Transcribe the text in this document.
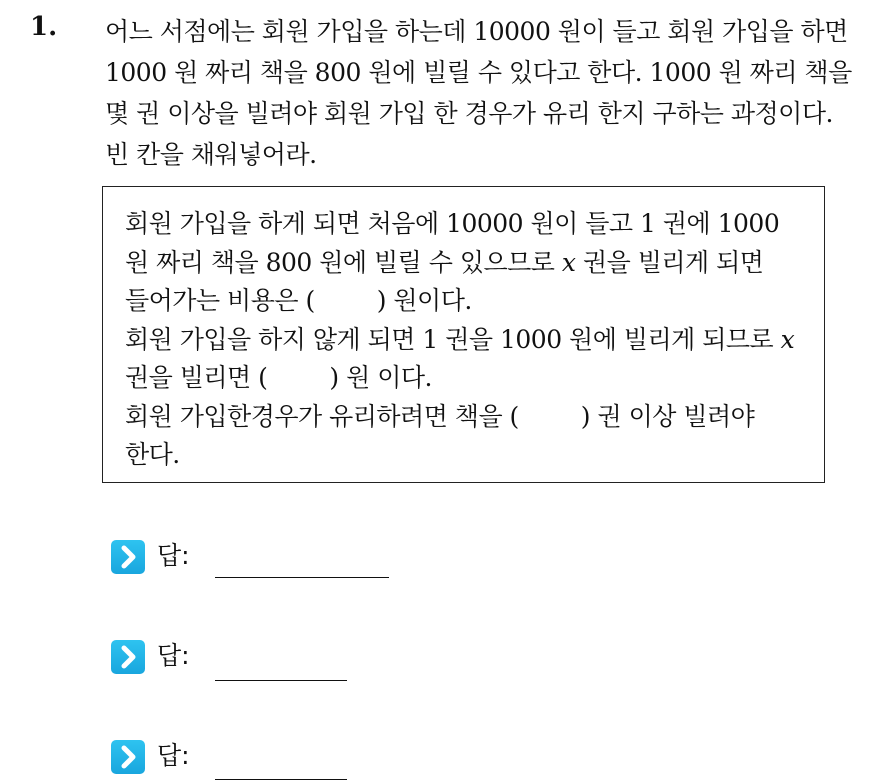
1. 어느 서점에는 회원 가입을 하는데 10000 원이 들고 회원 가입을 하면
1000 원 짜리 책을 800 원에 빌릴 수 있다고 한다. 1000 원 짜리 책을
몇 권 이상을 빌려야 회원 가입 한 경우가 유리 한지 구하는 과정이다.
빈 칸을 채워넣어라.
회원 가입을 하게 되면 처음에 10000 원이 들고 1 권에 1000
원 짜리 책을 800 원에 빌릴 수 있으므로 x 권을 빌리게 되면
들어가는 비용은 ( ) 원이다.
회원 가입을 하지 않게 되면 1 권을 1000 원에 빌리게 되므로 x
권을 빌리면 ( ) 원 이다.
회원 가입한경우가 유리하려면 책을 ( ) 권 이상 빌려야
한다.
답:
답:
답:
